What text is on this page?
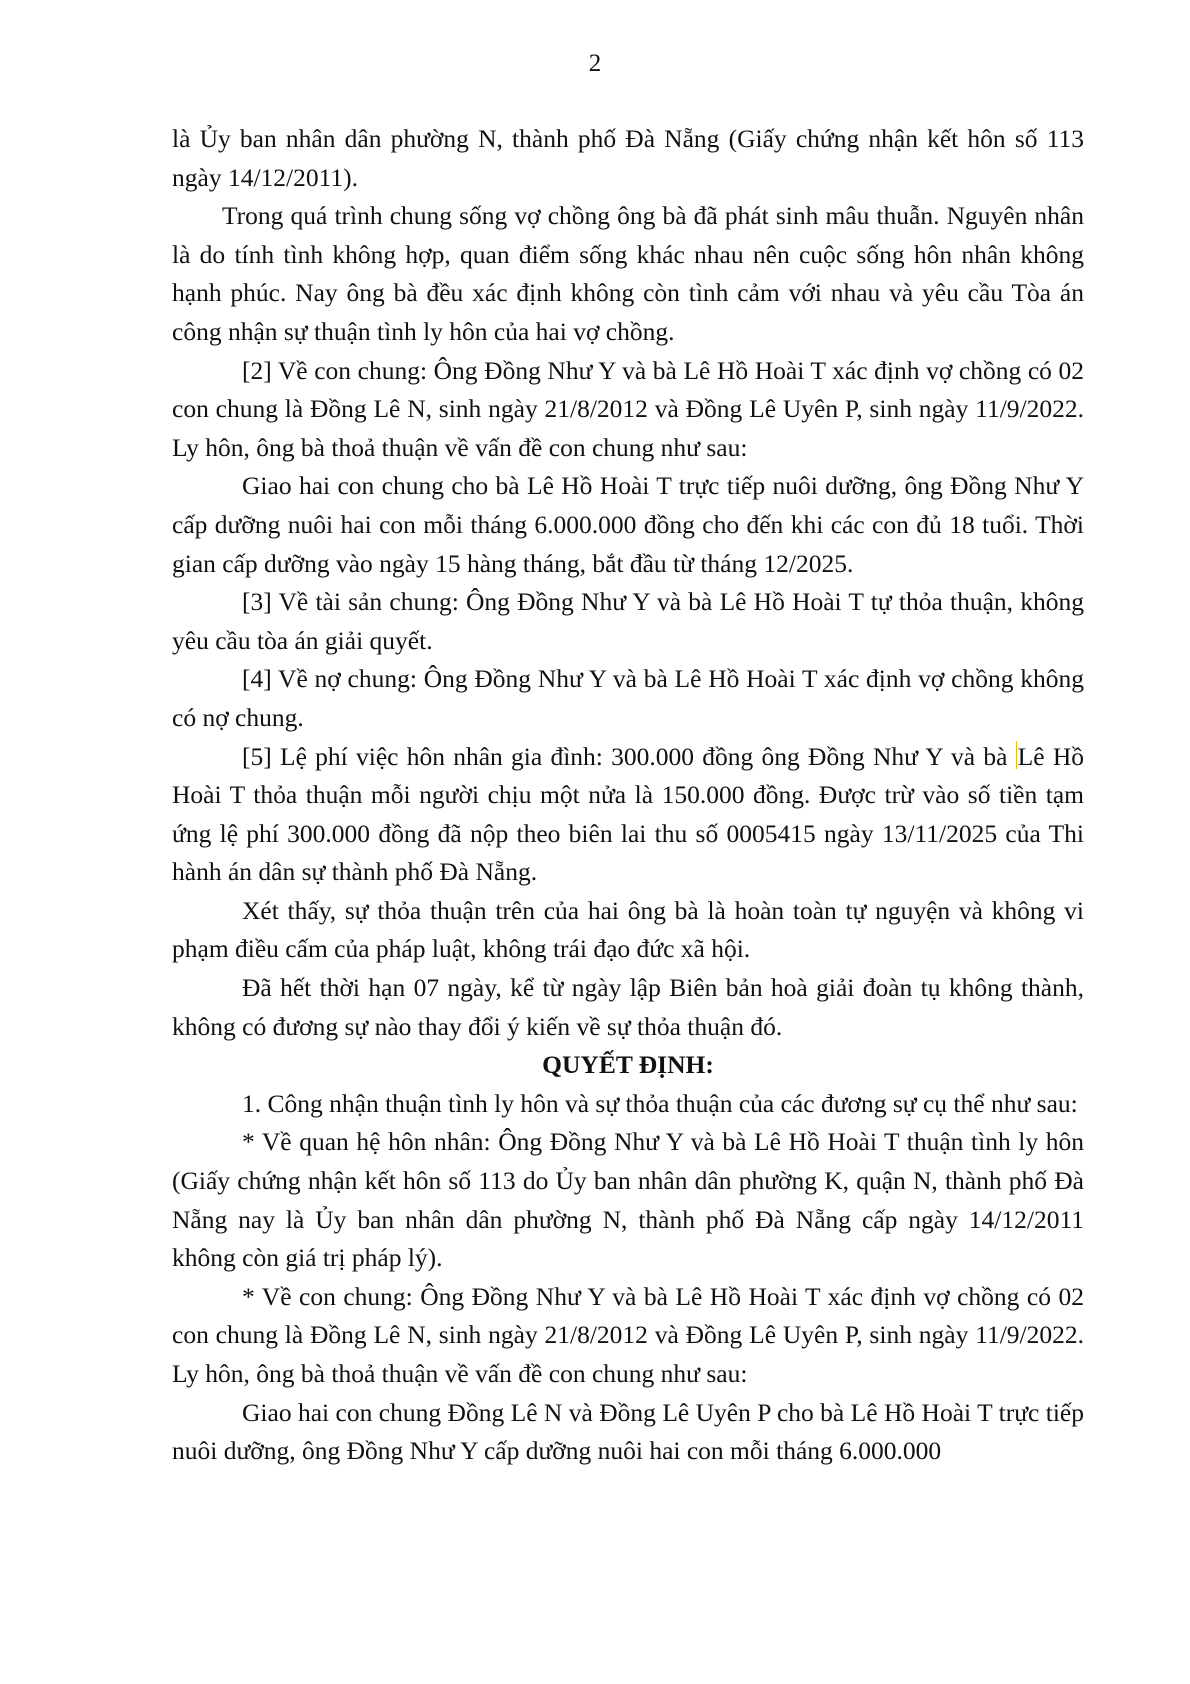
2

là Ủy ban nhân dân phường N, thành phố Đà Nẵng (Giấy chứng nhận kết hôn số 113 ngày 14/12/2011).

Trong quá trình chung sống vợ chồng ông bà đã phát sinh mâu thuẫn. Nguyên nhân là do tính tình không hợp, quan điểm sống khác nhau nên cuộc sống hôn nhân không hạnh phúc. Nay ông bà đều xác định không còn tình cảm với nhau và yêu cầu Tòa án công nhận sự thuận tình ly hôn của hai vợ chồng.

[2] Về con chung: Ông Đồng Như Y và bà Lê Hồ Hoài T xác định vợ chồng có 02 con chung là Đồng Lê N, sinh ngày 21/8/2012 và Đồng Lê Uyên P, sinh ngày 11/9/2022. Ly hôn, ông bà thoả thuận về vấn đề con chung như sau:

Giao hai con chung cho bà Lê Hồ Hoài T trực tiếp nuôi dưỡng, ông Đồng Như Y cấp dưỡng nuôi hai con mỗi tháng 6.000.000 đồng cho đến khi các con đủ 18 tuổi. Thời gian cấp dưỡng vào ngày 15 hàng tháng, bắt đầu từ tháng 12/2025.

[3] Về tài sản chung: Ông Đồng Như Y và bà Lê Hồ Hoài T tự thỏa thuận, không yêu cầu tòa án giải quyết.

[4] Về nợ chung: Ông Đồng Như Y và bà Lê Hồ Hoài T xác định vợ chồng không có nợ chung.

[5] Lệ phí việc hôn nhân gia đình: 300.000 đồng ông Đồng Như Y và bà Lê Hồ Hoài T thỏa thuận mỗi người chịu một nửa là 150.000 đồng. Được trừ vào số tiền tạm ứng lệ phí 300.000 đồng đã nộp theo biên lai thu số 0005415 ngày 13/11/2025 của Thi hành án dân sự thành phố Đà Nẵng.

Xét thấy, sự thỏa thuận trên của hai ông bà là hoàn toàn tự nguyện và không vi phạm điều cấm của pháp luật, không trái đạo đức xã hội.

Đã hết thời hạn 07 ngày, kể từ ngày lập Biên bản hoà giải đoàn tụ không thành, không có đương sự nào thay đổi ý kiến về sự thỏa thuận đó.

QUYẾT ĐỊNH:

1. Công nhận thuận tình ly hôn và sự thỏa thuận của các đương sự cụ thể như sau:

* Về quan hệ hôn nhân: Ông Đồng Như Y và bà Lê Hồ Hoài T thuận tình ly hôn (Giấy chứng nhận kết hôn số 113 do Ủy ban nhân dân phường K, quận N, thành phố Đà Nẵng nay là Ủy ban nhân dân phường N, thành phố Đà Nẵng cấp ngày 14/12/2011 không còn giá trị pháp lý).

* Về con chung: Ông Đồng Như Y và bà Lê Hồ Hoài T xác định vợ chồng có 02 con chung là Đồng Lê N, sinh ngày 21/8/2012 và Đồng Lê Uyên P, sinh ngày 11/9/2022. Ly hôn, ông bà thoả thuận về vấn đề con chung như sau:

Giao hai con chung Đồng Lê N và Đồng Lê Uyên P cho bà Lê Hồ Hoài T trực tiếp nuôi dưỡng, ông Đồng Như Y cấp dưỡng nuôi hai con mỗi tháng 6.000.000
